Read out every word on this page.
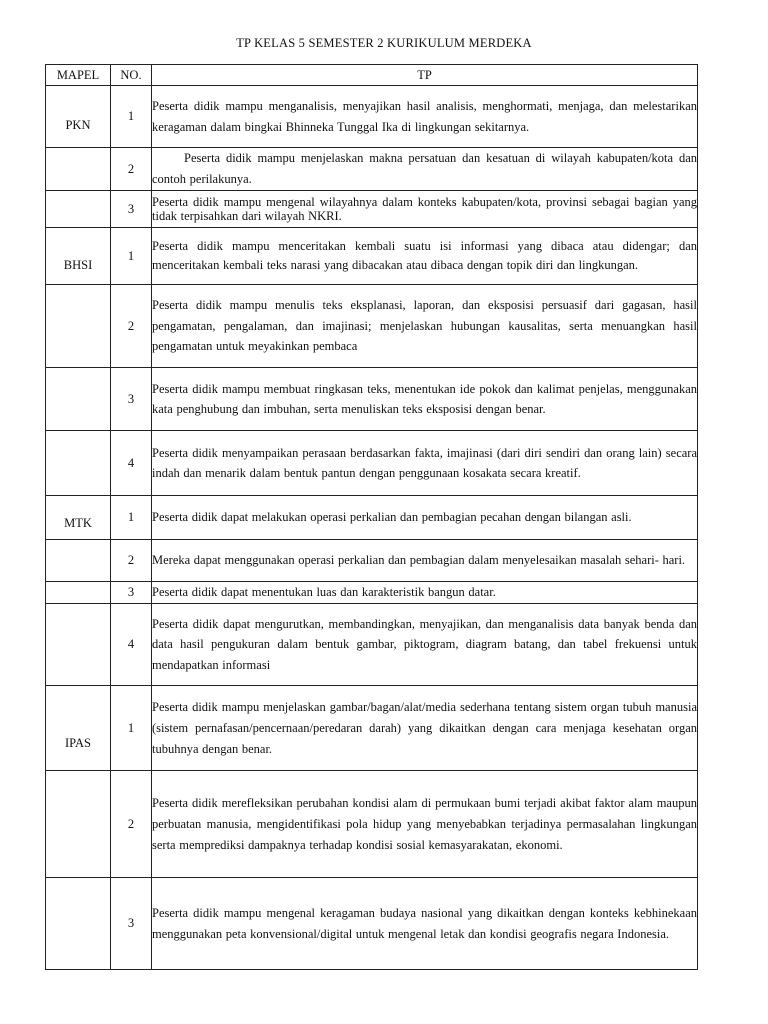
TP KELAS 5 SEMESTER 2 KURIKULUM MERDEKA
MAPEL	NO.	TP

PKN	1	Peserta didik mampu menganalisis, menyajikan hasil analisis, menghormati, menjaga, dan melestarikan keragaman dalam bingkai Bhinneka Tunggal Ika di lingkungan sekitarnya.

	2	Peserta didik mampu menjelaskan makna persatuan dan kesatuan di wilayah kabupaten/kota dan contoh perilakunya.

	3	Peserta didik mampu mengenal wilayahnya dalam konteks kabupaten/kota, provinsi sebagai bagian yang tidak terpisahkan dari wilayah NKRI.

BHSI	1	Peserta didik mampu menceritakan kembali suatu isi informasi yang dibaca atau didengar; dan menceritakan kembali teks narasi yang dibacakan atau dibaca dengan topik diri dan lingkungan.

	2	Peserta didik mampu menulis teks eksplanasi, laporan, dan eksposisi persuasif dari gagasan, hasil pengamatan, pengalaman, dan imajinasi; menjelaskan hubungan kausalitas, serta menuangkan hasil pengamatan untuk meyakinkan pembaca

	3	Peserta didik mampu membuat ringkasan teks, menentukan ide pokok dan kalimat penjelas, menggunakan kata penghubung dan imbuhan, serta menuliskan teks eksposisi dengan benar.

	4	Peserta didik menyampaikan perasaan berdasarkan fakta, imajinasi (dari diri sendiri dan orang lain) secara indah dan menarik dalam bentuk pantun dengan penggunaan kosakata secara kreatif.

MTK	1	Peserta didik dapat melakukan operasi perkalian dan pembagian pecahan dengan bilangan asli.

	2	Mereka dapat menggunakan operasi perkalian dan pembagian dalam menyelesaikan masalah sehari- hari.

	3	Peserta didik dapat menentukan luas dan karakteristik bangun datar.

	4	Peserta didik dapat mengurutkan, membandingkan, menyajikan, dan menganalisis data banyak benda dan data hasil pengukuran dalam bentuk gambar, piktogram, diagram batang, dan tabel frekuensi untuk mendapatkan informasi

IPAS	1	Peserta didik mampu menjelaskan gambar/bagan/alat/media sederhana tentang sistem organ tubuh manusia (sistem pernafasan/pencernaan/peredaran darah) yang dikaitkan dengan cara menjaga kesehatan organ tubuhnya dengan benar.

	2	Peserta didik merefleksikan perubahan kondisi alam di permukaan bumi terjadi akibat faktor alam maupun perbuatan manusia, mengidentifikasi pola hidup yang menyebabkan terjadinya permasalahan lingkungan serta memprediksi dampaknya terhadap kondisi sosial kemasyarakatan, ekonomi.

	3	Peserta didik mampu mengenal keragaman budaya nasional yang dikaitkan dengan konteks kebhinekaan menggunakan peta konvensional/digital untuk mengenal letak dan kondisi geografis negara Indonesia.
